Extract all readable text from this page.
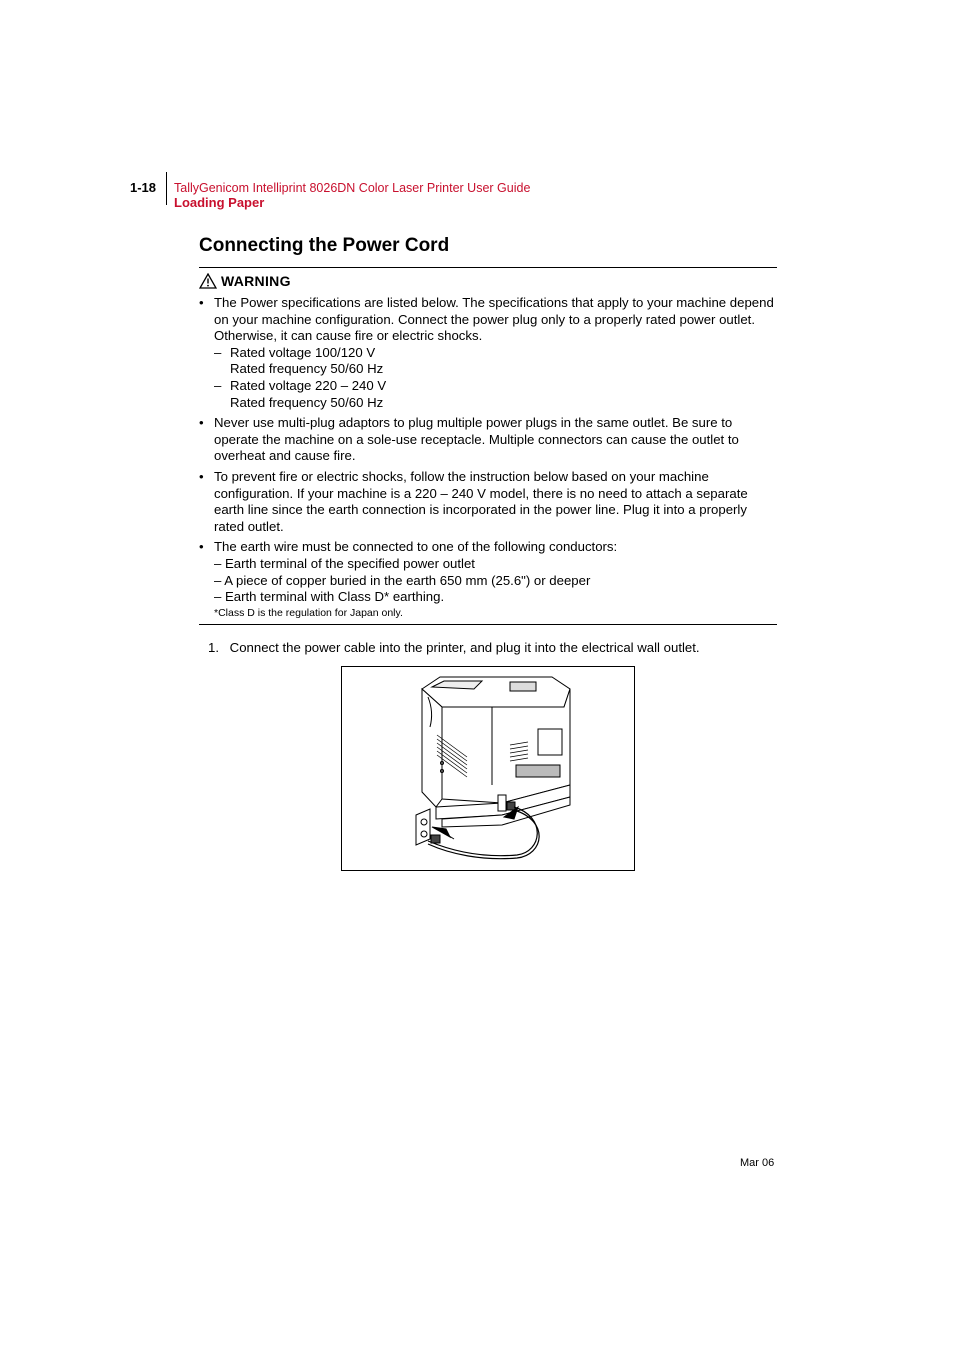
1-18 TallyGenicom Intelliprint 8026DN Color Laser Printer User Guide
Loading Paper
Connecting the Power Cord
WARNING
• The Power specifications are listed below. The specifications that apply to your machine depend on your machine configuration. Connect the power plug only to a properly rated power outlet. Otherwise, it can cause fire or electric shocks.
– Rated voltage 100/120 V
Rated frequency 50/60 Hz
– Rated voltage 220 – 240 V
Rated frequency 50/60 Hz
• Never use multi-plug adaptors to plug multiple power plugs in the same outlet. Be sure to operate the machine on a sole-use receptacle. Multiple connectors can cause the outlet to overheat and cause fire.
• To prevent fire or electric shocks, follow the instruction below based on your machine configuration. If your machine is a 220 – 240 V model, there is no need to attach a separate earth line since the earth connection is incorporated in the power line. Plug it into a properly rated outlet.
• The earth wire must be connected to one of the following conductors:
– Earth terminal of the specified power outlet
– A piece of copper buried in the earth 650 mm (25.6") or deeper
– Earth terminal with Class D* earthing.
*Class D is the regulation for Japan only.
1. Connect the power cable into the printer, and plug it into the electrical wall outlet.
Mar 06
